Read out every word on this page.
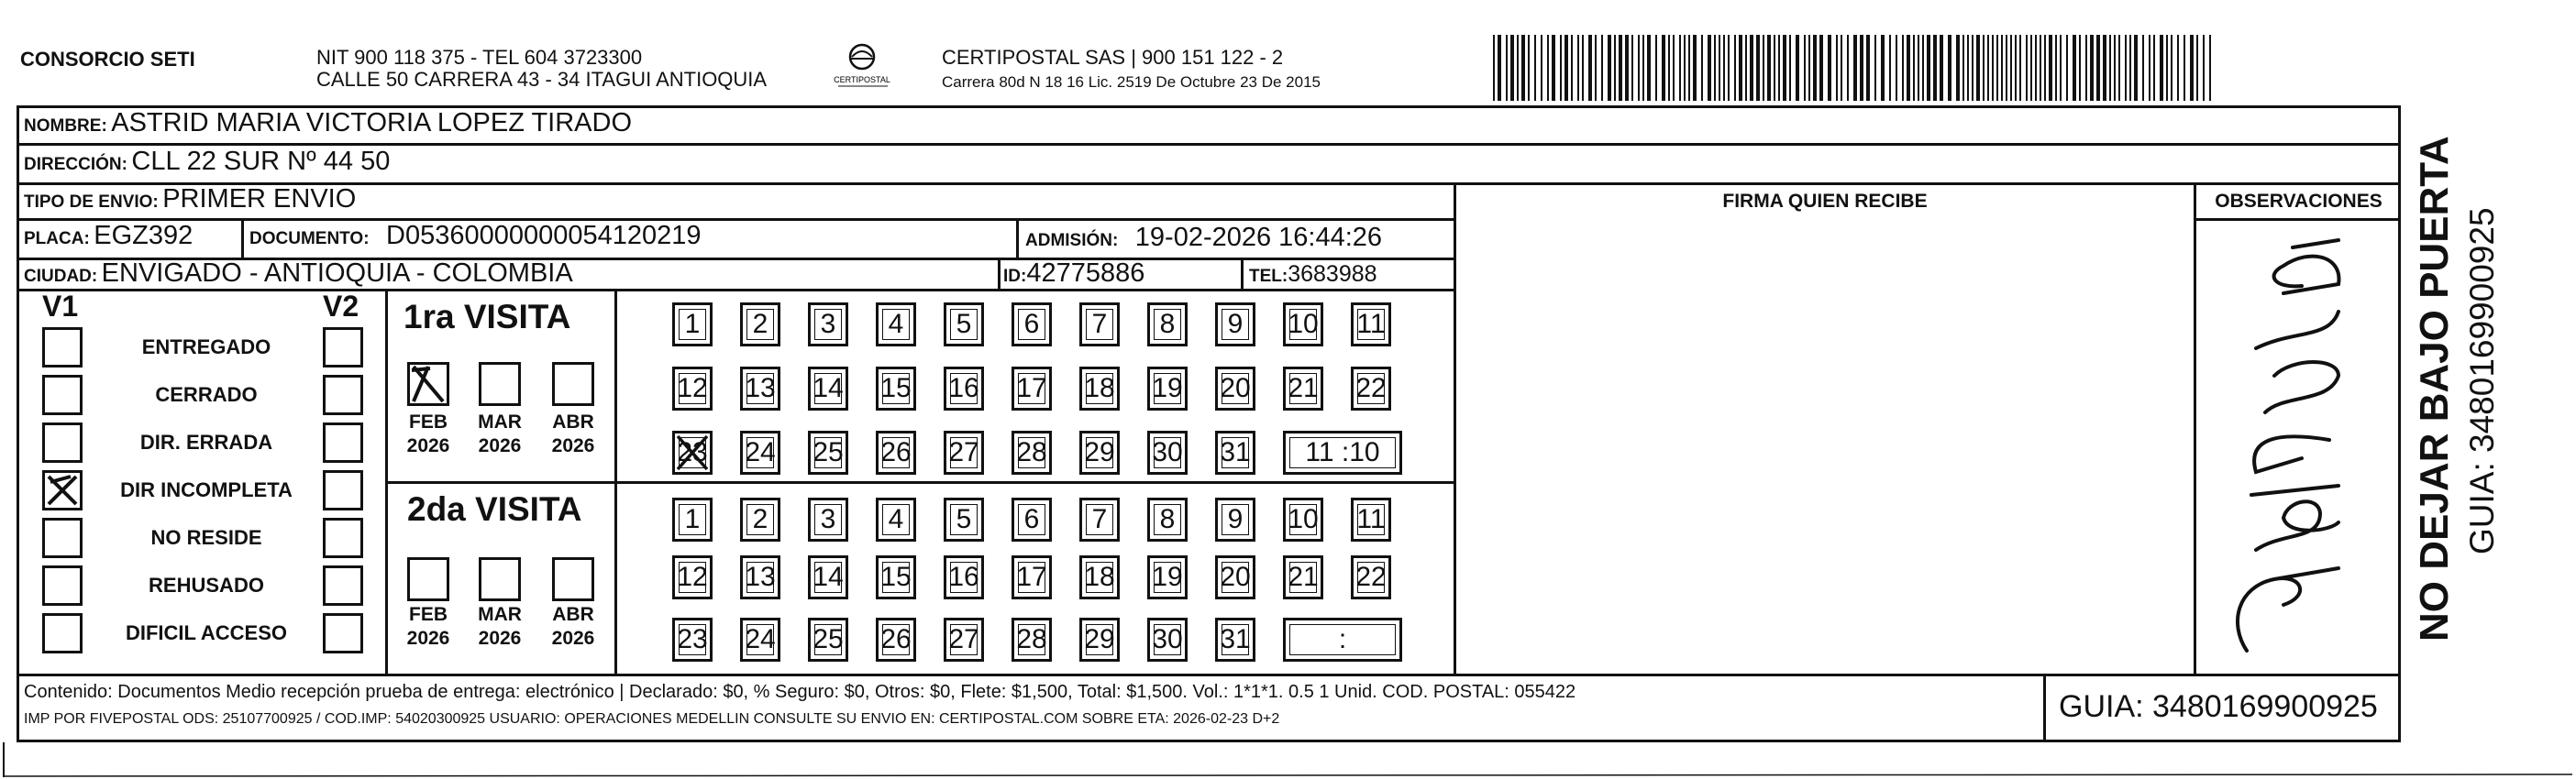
CONSORCIO SETI	NIT 900 118 375 - TEL 604 3723300
CALLE 50 CARRERA 43 - 34 ITAGUI ANTIOQUIA	CERTIPOSTAL
CERTIPOSTAL SAS | 900 151 122 - 2
Carrera 80d N 18 16 Lic. 2519 De Octubre 23 De 2015
NOMBRE: ASTRID MARIA VICTORIA LOPEZ TIRADO
DIRECCIÓN: CLL 22 SUR Nº 44 50
TIPO DE ENVIO: PRIMER ENVIO	FIRMA QUIEN RECIBE	OBSERVACIONES
PLACA: EGZ392	DOCUMENTO: D05360000000054120219	ADMISIÓN: 19-02-2026 16:44:26
CIUDAD: ENVIGADO - ANTIOQUIA - COLOMBIA	ID:42775886	TEL:3683988
V1	V2
ENTREGADO
CERRADO
DIR. ERRADA
DIR INCOMPLETA
NO RESIDE
REHUSADO
DIFICIL ACCESO
1ra VISITA
FEB
2026
MAR
2026
ABR
2026
1 2 3 4 5 6 7 8 9 10 11
12 13 14 15 16 17 18 19 20 21 22
23 24 25 26 27 28 29 30 31	11 :10
2da VISITA
FEB
2026
MAR
2026
ABR
2026
1 2 3 4 5 6 7 8 9 10 11
12 13 14 15 16 17 18 19 20 21 22
23 24 25 26 27 28 29 30 31	:
Contenido: Documentos Medio recepción prueba de entrega: electrónico | Declarado: $0, % Seguro: $0, Otros: $0, Flete: $1,500, Total: $1,500. Vol.: 1*1*1. 0.5 1 Unid. COD. POSTAL: 055422
IMP POR FIVEPOSTAL ODS: 25107700925 / COD.IMP: 54020300925 USUARIO: OPERACIONES MEDELLIN CONSULTE SU ENVIO EN: CERTIPOSTAL.COM SOBRE ETA: 2026-02-23 D+2	GUIA: 3480169900925
NO DEJAR BAJO PUERTA GUIA: 3480169900925
